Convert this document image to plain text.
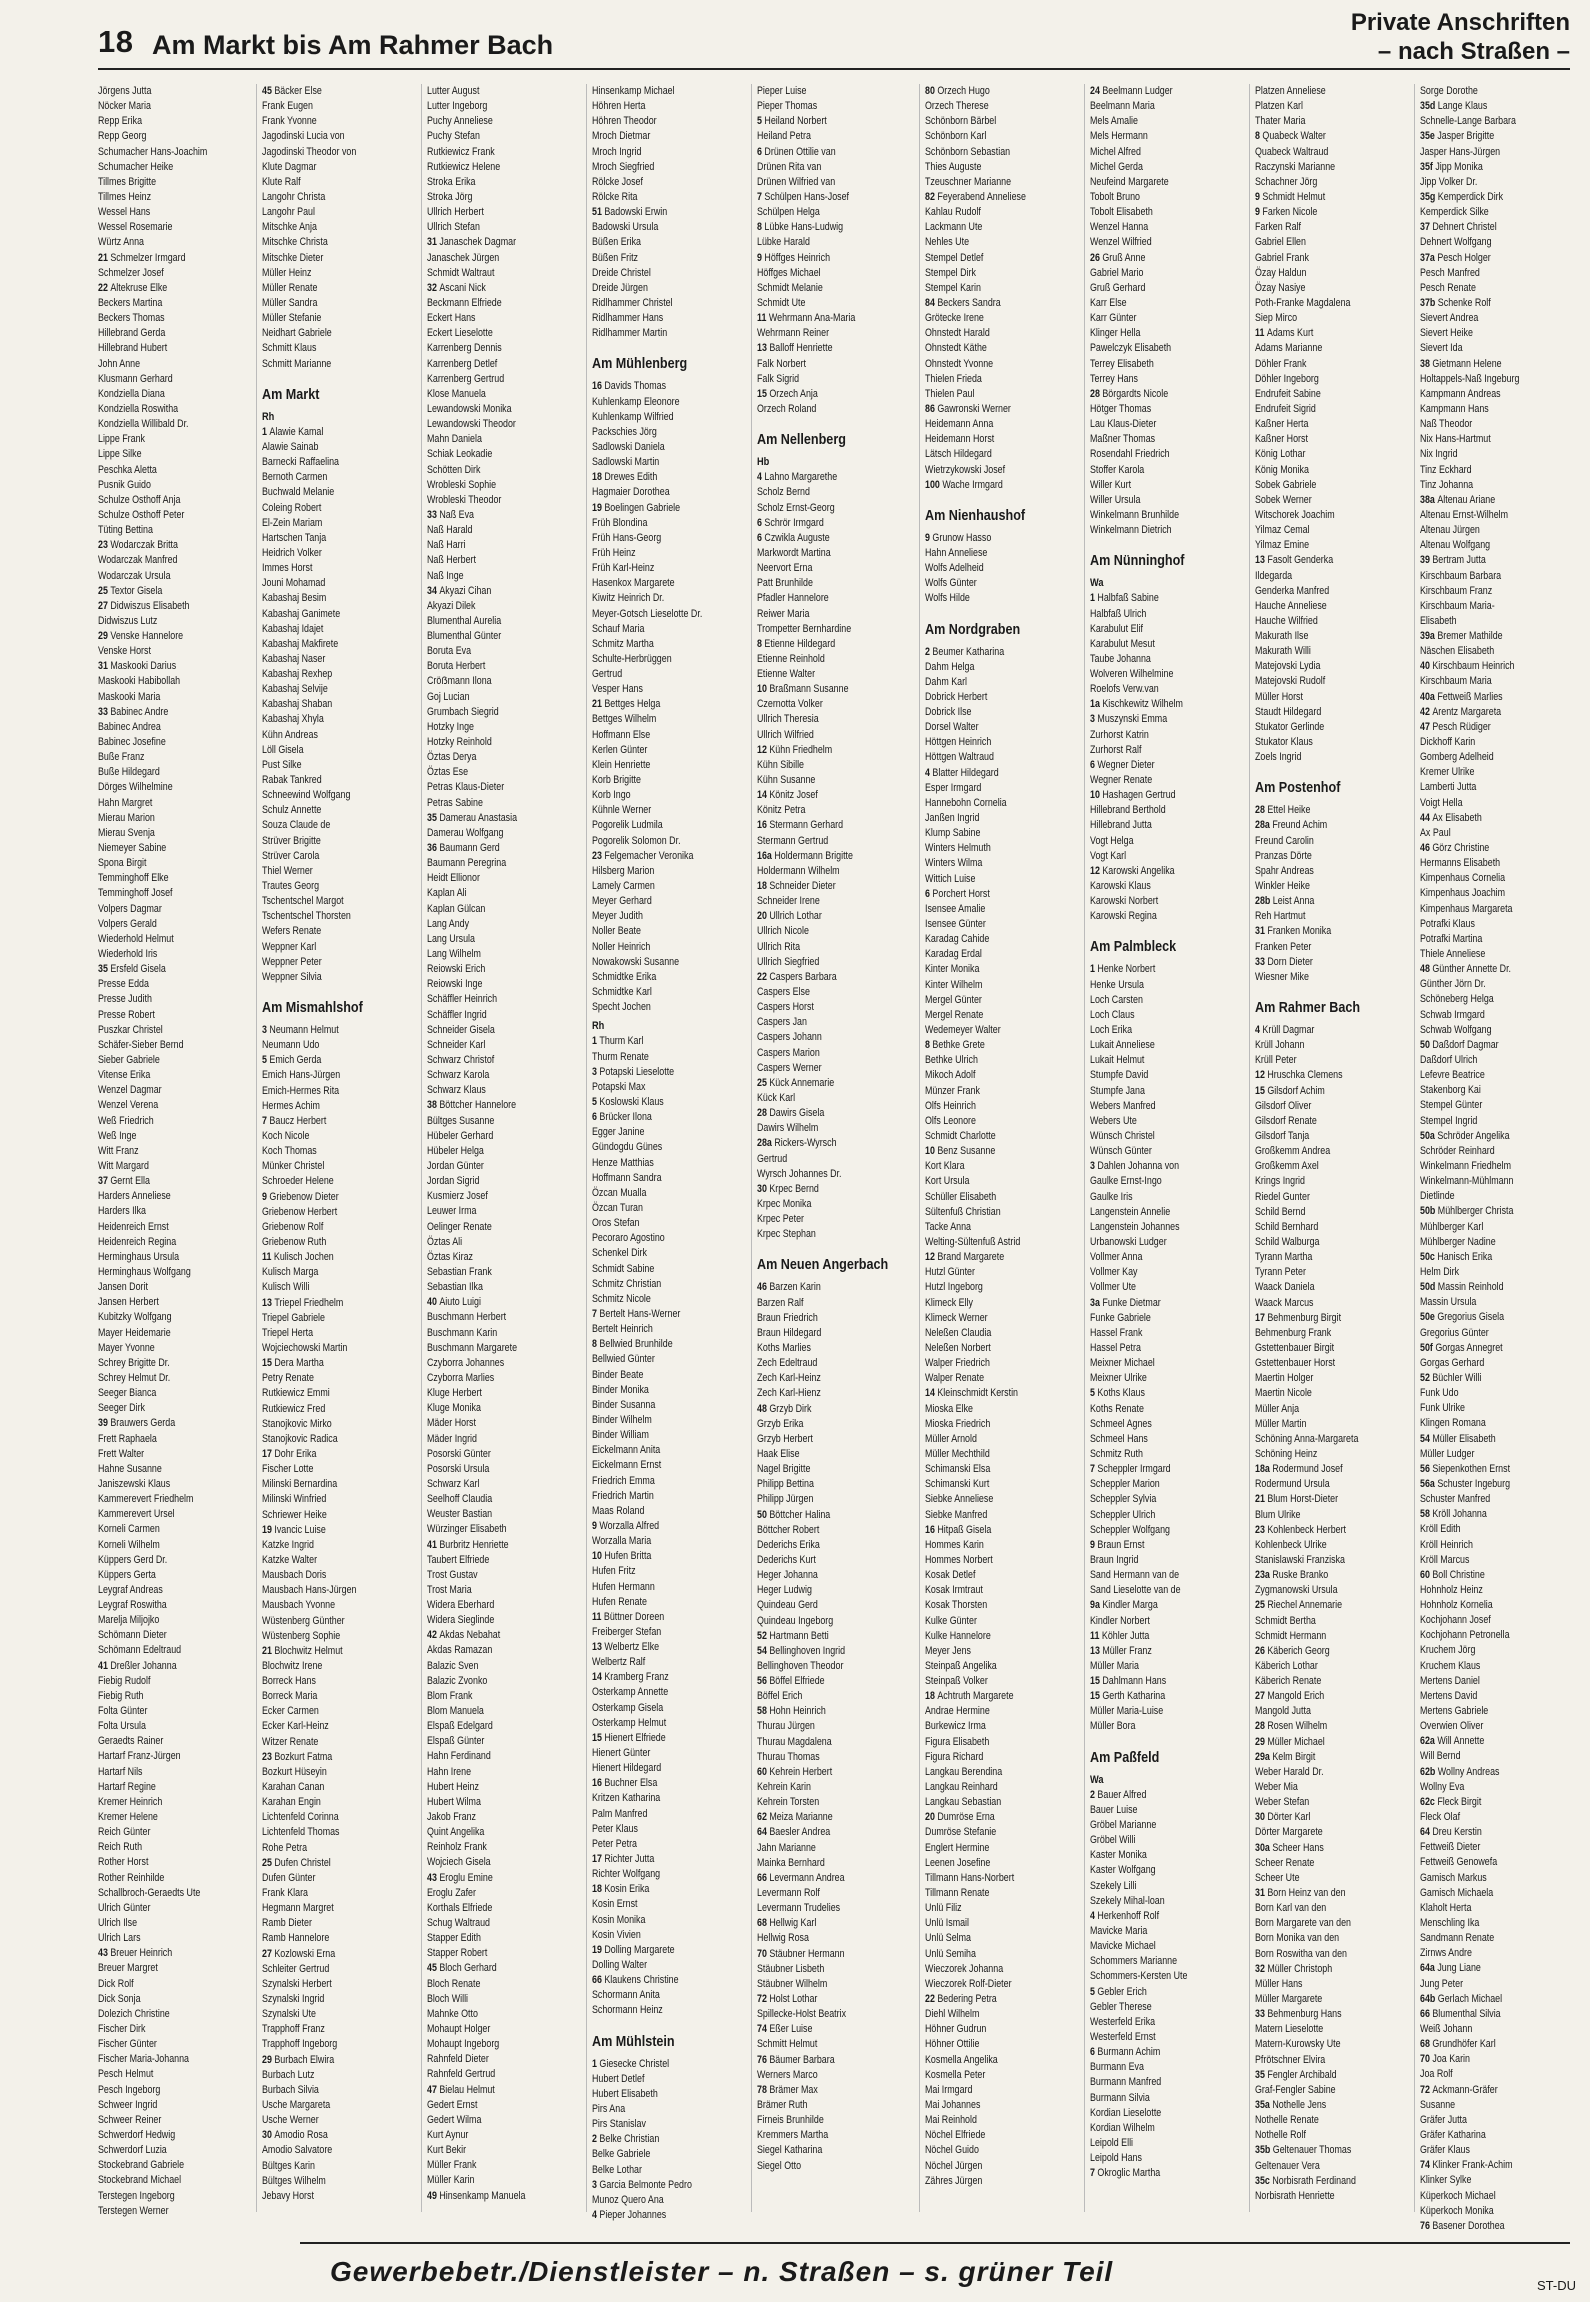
18 Am Markt bis Am Rahmer Bach
Private Anschriften
– nach Straßen –
Jörgens Jutta
Nöcker Maria
Repp Erika
Repp Georg
Schumacher Hans-Joachim
Schumacher Heike
Tillmes Brigitte
Tillmes Heinz
Wessel Hans
Wessel Rosemarie
Würtz Anna
21 Schmelzer Irmgard
Schmelzer Josef
22 Altekruse Elke
Beckers Martina
Beckers Thomas
Hillebrand Gerda
Hillebrand Hubert
John Anne
Klusmann Gerhard
Kondziella Diana
Kondziella Roswitha
Kondziella Willibald Dr.
Lippe Frank
Lippe Silke
Peschka Aletta
Pusnik Guido
Schulze Osthoff Anja
Schulze Osthoff Peter
Tüting Bettina
23 Wodarczak Britta
Wodarczak Manfred
Wodarczak Ursula
25 Textor Gisela
27 Didwiszus Elisabeth
Didwiszus Lutz
29 Venske Hannelore
Venske Horst
31 Maskooki Darius
Maskooki Habibollah
Maskooki Maria
33 Babinec Andre
Babinec Andrea
Babinec Josefine
Buße Franz
Buße Hildegard
Dörges Wilhelmine
Hahn Margret
Mierau Marion
Mierau Svenja
Niemeyer Sabine
Spona Birgit
Temminghoff Elke
Temminghoff Josef
Volpers Dagmar
Volpers Gerald
Wiederhold Helmut
Wiederhold Iris
35 Ersfeld Gisela
Presse Edda
Presse Judith
Presse Robert
Puszkar Christel
Schäfer-Sieber Bernd
Sieber Gabriele
Vitense Erika
Wenzel Dagmar
Wenzel Verena
Weß Friedrich
Weß Inge
Witt Franz
Witt Margard
37 Gernt Ella
Harders Anneliese
Harders Ilka
Heidenreich Ernst
Heidenreich Regina
Herminghaus Ursula
Herminghaus Wolfgang
Jansen Dorit
Jansen Herbert
Kubitzky Wolfgang
Mayer Heidemarie
Mayer Yvonne
Schrey Brigitte Dr.
Schrey Helmut Dr.
Seeger Bianca
Seeger Dirk
39 Brauwers Gerda
Frett Raphaela
Frett Walter
Hahne Susanne
Janiszewski Klaus
Kammerevert Friedhelm
Kammerevert Ursel
Korneli Carmen
Korneli Wilhelm
Küppers Gerd Dr.
Küppers Gerta
Leygraf Andreas
Leygraf Roswitha
Marelja Miljojko
Schömann Dieter
Schömann Edeltraud
41 Dreßler Johanna
Fiebig Rudolf
Fiebig Ruth
Folta Günter
Folta Ursula
Geraedts Rainer
Hartarf Franz-Jürgen
Hartarf Nils
Hartarf Regine
Kremer Heinrich
Kremer Helene
Reich Günter
Reich Ruth
Rother Horst
Rother Reinhilde
Schallbroch-Geraedts Ute
Ulrich Günter
Ulrich Ilse
Ulrich Lars
43 Breuer Heinrich
Breuer Margret
Dick Rolf
Dick Sonja
Dolezich Christine
Fischer Dirk
Fischer Günter
Fischer Maria-Johanna
Pesch Helmut
Pesch Ingeborg
Schweer Ingrid
Schweer Reiner
Schwerdorf Hedwig
Schwerdorf Luzia
Stockebrand Gabriele
Stockebrand Michael
Terstegen Ingeborg
Terstegen Werner
45 Bäcker Else
Frank Eugen
Frank Yvonne
Jagodinski Lucia von
Jagodinski Theodor von
Klute Dagmar
Klute Ralf
Langohr Christa
Langohr Paul
Mitschke Anja
Mitschke Christa
Mitschke Dieter
Müller Heinz
Müller Renate
Müller Sandra
Müller Stefanie
Neidhart Gabriele
Schmitt Klaus
Schmitt Marianne
Am Markt
Rh
1 Alawie Kamal
Alawie Sainab
Barnecki Raffaelina
Bernoth Carmen
Buchwald Melanie
Coleing Robert
El-Zein Mariam
Hartschen Tanja
Heidrich Volker
Immes Horst
Jouni Mohamad
Kabashaj Besim
Kabashaj Ganimete
Kabashaj Idajet
Kabashaj Makfirete
Kabashaj Naser
Kabashaj Rexhep
Kabashaj Selvije
Kabashaj Shaban
Kabashaj Xhyla
Kühn Andreas
Löll Gisela
Pust Silke
Rabak Tankred
Schneewind Wolfgang
Schulz Annette
Souza Claude de
Strüver Brigitte
Strüver Carola
Thiel Werner
Trautes Georg
Tschentschel Margot
Tschentschel Thorsten
Wefers Renate
Weppner Karl
Weppner Peter
Weppner Silvia
Am Mismahlshof
3 Neumann Helmut
Neumann Udo
5 Emich Gerda
Emich Hans-Jürgen
Emich-Hermes Rita
Hermes Achim
7 Baucz Herbert
Koch Nicole
Koch Thomas
Münker Christel
Schroeder Helene
9 Griebenow Dieter
Griebenow Herbert
Griebenow Rolf
Griebenow Ruth
11 Kulisch Jochen
Kulisch Marga
Kulisch Willi
13 Triepel Friedhelm
Triepel Gabriele
Triepel Herta
Wojciechowski Martin
15 Dera Martha
Petry Renate
Rutkiewicz Emmi
Rutkiewicz Fred
Stanojkovic Mirko
Stanojkovic Radica
17 Dohr Erika
Fischer Lotte
Milinski Bernardina
Milinski Winfried
Schriewer Heike
19 Ivancic Luise
Katzke Ingrid
Katzke Walter
Mausbach Doris
Mausbach Hans-Jürgen
Mausbach Yvonne
Wüstenberg Günther
Wüstenberg Sophie
21 Blochwitz Helmut
Blochwitz Irene
Borreck Hans
Borreck Maria
Ecker Carmen
Ecker Karl-Heinz
Witzer Renate
23 Bozkurt Fatma
Bozkurt Hüseyin
Karahan Canan
Karahan Engin
Lichtenfeld Corinna
Lichtenfeld Thomas
Rohe Petra
25 Dufen Christel
Dufen Günter
Frank Klara
Hegmann Margret
Ramb Dieter
Ramb Hannelore
27 Kozlowski Erna
Schleiter Gertrud
Szynalski Herbert
Szynalski Ingrid
Szynalski Ute
Trapphoff Franz
Trapphoff Ingeborg
29 Burbach Elwira
Burbach Lutz
Burbach Silvia
Usche Margareta
Usche Werner
30 Amodio Rosa
Amodio Salvatore
Bültges Karin
Bültges Wilhelm
Jebavy Horst
Lutter August
Lutter Ingeborg
Puchy Anneliese
Puchy Stefan
Rutkiewicz Frank
Rutkiewicz Helene
Stroka Erika
Stroka Jörg
Ullrich Herbert
Ullrich Stefan
31 Janaschek Dagmar
Janaschek Jürgen
Schmidt Waltraut
32 Ascani Nick
Beckmann Elfriede
Eckert Hans
Eckert Lieselotte
Karrenberg Dennis
Karrenberg Detlef
Karrenberg Gertrud
Klose Manuela
Lewandowski Monika
Lewandowski Theodor
Mahn Daniela
Schiak Leokadie
Schötten Dirk
Wrobleski Sophie
Wrobleski Theodor
33 Naß Eva
Naß Harald
Naß Harri
Naß Herbert
Naß Inge
34 Akyazi Cihan
Akyazi Dilek
Blumenthal Aurelia
Blumenthal Günter
Boruta Eva
Boruta Herbert
Cröẞmann Ilona
Goj Lucian
Grumbach Siegrid
Hotzky Inge
Hotzky Reinhold
Öztas Derya
Öztas Ese
Petras Klaus-Dieter
Petras Sabine
35 Damerau Anastasia
Damerau Wolfgang
36 Baumann Gerd
Baumann Peregrina
Heidt Ellionor
Kaplan Ali
Kaplan Gülcan
Lang Andy
Lang Ursula
Lang Wilhelm
Reiowski Erich
Reiowski Inge
Schäffler Heinrich
Schäffler Ingrid
Schneider Gisela
Schneider Karl
Schwarz Christof
Schwarz Karola
Schwarz Klaus
38 Böttcher Hannelore
Bültges Susanne
Hübeler Gerhard
Hübeler Helga
Jordan Günter
Jordan Sigrid
Kusmierz Josef
Leuwer Irma
Oelinger Renate
Öztas Ali
Öztas Kiraz
Sebastian Frank
Sebastian Ilka
40 Aiuto Luigi
Buschmann Herbert
Buschmann Karin
Buschmann Margarete
Czyborra Johannes
Czyborra Marlies
Kluge Herbert
Kluge Monika
Mäder Horst
Mäder Ingrid
Posorski Günter
Posorski Ursula
Schwarz Karl
Seelhoff Claudia
Weuster Bastian
Würzinger Elisabeth
41 Burbritz Henriette
Taubert Elfriede
Trost Gustav
Trost Maria
Widera Eberhard
Widera Sieglinde
42 Akdas Nebahat
Akdas Ramazan
Balazic Sven
Balazic Zvonko
Blom Frank
Blom Manuela
Elspaß Edelgard
Elspaß Günter
Hahn Ferdinand
Hahn Irene
Hubert Heinz
Hubert Wilma
Jakob Franz
Quint Angelika
Reinholz Frank
Wojciech Gisela
43 Eroglu Emine
Eroglu Zafer
Korthals Elfriede
Schug Waltraud
Stapper Edith
Stapper Robert
45 Bloch Gerhard
Bloch Renate
Bloch Willi
Mahnke Otto
Mohaupt Holger
Mohaupt Ingeborg
Rahnfeld Dieter
Rahnfeld Gertrud
47 Bielau Helmut
Gedert Ernst
Gedert Wilma
Kurt Aynur
Kurt Bekir
Müller Frank
Müller Karin
49 Hinsenkamp Manuela
Hinsenkamp Michael
Höhren Herta
Höhren Theodor
Mroch Dietmar
Mroch Ingrid
Mroch Siegfried
Rölcke Josef
Rölcke Rita
51 Badowski Erwin
Badowski Ursula
Büßen Erika
Büßen Fritz
Dreide Christel
Dreide Jürgen
Ridlhammer Christel
Ridlhammer Hans
Ridlhammer Martin
Am Mühlenberg
16 Davids Thomas
Kuhlenkamp Eleonore
Kuhlenkamp Wilfried
Packschies Jörg
Sadlowski Daniela
Sadlowski Martin
18 Drewes Edith
Hagmaier Dorothea
19 Boelingen Gabriele
Früh Blondina
Früh Hans-Georg
Früh Heinz
Früh Karl-Heinz
Hasenkox Margarete
Kiwitz Heinrich Dr.
Meyer-Gotsch Lieselotte Dr.
Schauf Maria
Schmitz Martha
Schulte-Herbrüggen
Gertrud
Vesper Hans
21 Bettges Helga
Bettges Wilhelm
Hoffmann Else
Kerlen Günter
Klein Henriette
Korb Brigitte
Korb Ingo
Kühnle Werner
Pogorelik Ludmila
Pogorelik Solomon Dr.
23 Felgemacher Veronika
Hilsberg Marion
Lamely Carmen
Meyer Gerhard
Meyer Judith
Noller Beate
Noller Heinrich
Nowakowski Susanne
Schmidtke Erika
Schmidtke Karl
Specht Jochen
Rh
1 Thurm Karl
Thurm Renate
3 Potapski Lieselotte
Potapski Max
5 Koslowski Klaus
6 Brücker Ilona
Egger Janine
Gündogdu Günes
Henze Matthias
Hoffmann Sandra
Özcan Mualla
Özcan Turan
Oros Stefan
Pecoraro Agostino
Schenkel Dirk
Schmidt Sabine
Schmitz Christian
Schmitz Nicole
7 Bertelt Hans-Werner
Bertelt Heinrich
8 Bellwied Brunhilde
Bellwied Günter
Binder Beate
Binder Monika
Binder Susanna
Binder Wilhelm
Binder William
Eickelmann Anita
Eickelmann Ernst
Friedrich Emma
Friedrich Martin
Maas Roland
9 Worzalla Alfred
Worzalla Maria
10 Hufen Britta
Hufen Fritz
Hufen Hermann
Hufen Renate
11 Büttner Doreen
Freiberger Stefan
13 Welbertz Elke
Welbertz Ralf
14 Kramberg Franz
Osterkamp Annette
Osterkamp Gisela
Osterkamp Helmut
15 Hienert Elfriede
Hienert Günter
Hienert Hildegard
16 Buchner Elsa
Kritzen Katharina
Palm Manfred
Peter Klaus
Peter Petra
17 Richter Jutta
Richter Wolfgang
18 Kosin Erika
Kosin Ernst
Kosin Monika
Kosin Vivien
19 Dolling Margarete
Dolling Walter
66 Klaukens Christine
Schormann Anita
Schormann Heinz
Am Mühlstein
1 Giesecke Christel
Hubert Detlef
Hubert Elisabeth
Pirs Ana
Pirs Stanislav
2 Belke Christian
Belke Gabriele
Belke Lothar
3 Garcia Belmonte Pedro
Munoz Quero Ana
4 Pieper Johannes
Pieper Luise
Pieper Thomas
5 Heiland Norbert
Heiland Petra
6 Drünen Ottilie van
Drünen Rita van
Drünen Wilfried van
7 Schülpen Hans-Josef
Schülpen Helga
8 Lübke Hans-Ludwig
Lübke Harald
9 Höffges Heinrich
Höffges Michael
Schmidt Melanie
Schmidt Ute
11 Wehrmann Ana-Maria
Wehrmann Reiner
13 Balloff Henriette
Falk Norbert
Falk Sigrid
15 Orzech Anja
Orzech Roland
Am Nellenberg
Hb
4 Lahno Margarethe
Scholz Bernd
Scholz Ernst-Georg
6 Schrör Irmgard
6 Czwikla Auguste
Markwordt Martina
Neervort Erna
Patt Brunhilde
Pfadler Hannelore
Reiwer Maria
Trompetter Bernhardine
8 Etienne Hildegard
Etienne Reinhold
Etienne Walter
10 Braßmann Susanne
Czernotta Volker
Ullrich Theresia
Ullrich Wilfried
12 Kühn Friedhelm
Kühn Sibille
Kühn Susanne
14 Könitz Josef
Könitz Petra
16 Stermann Gerhard
Stermann Gertrud
16a Holdermann Brigitte
Holdermann Wilhelm
18 Schneider Dieter
Schneider Irene
20 Ullrich Lothar
Ullrich Nicole
Ullrich Rita
Ullrich Siegfried
22 Caspers Barbara
Caspers Else
Caspers Horst
Caspers Jan
Caspers Johann
Caspers Marion
Caspers Werner
25 Kück Annemarie
Kück Karl
28 Dawirs Gisela
Dawirs Wilhelm
28a Rickers-Wyrsch
Gertrud
Wyrsch Johannes Dr.
30 Krpec Bernd
Krpec Monika
Krpec Peter
Krpec Stephan
Am Neuen Angerbach
46 Barzen Karin
Barzen Ralf
Braun Friedrich
Braun Hildegard
Koths Marlies
Zech Edeltraud
Zech Karl-Heinz
Zech Karl-Hienz
48 Grzyb Dirk
Grzyb Erika
Grzyb Herbert
Haak Elise
Nagel Brigitte
Philipp Bettina
Philipp Jürgen
50 Böttcher Halina
Böttcher Robert
Dederichs Erika
Dederichs Kurt
Heger Johanna
Heger Ludwig
Quindeau Gerd
Quindeau Ingeborg
52 Hartmann Betti
54 Bellinghoven Ingrid
Bellinghoven Theodor
56 Böffel Elfriede
Böffel Erich
58 Hohn Heinrich
Thurau Jürgen
Thurau Magdalena
Thurau Thomas
60 Kehrein Herbert
Kehrein Karin
Kehrein Torsten
62 Meiza Marianne
64 Baesler Andrea
Jahn Marianne
Mainka Bernhard
66 Levermann Andrea
Levermann Rolf
Levermann Trudelies
68 Hellwig Karl
Hellwig Rosa
70 Stäubner Hermann
Stäubner Lisbeth
Stäubner Wilhelm
72 Holst Lothar
Spillecke-Holst Beatrix
74 Eßer Luise
Schmitt Helmut
76 Bäumer Barbara
Werners Marco
78 Brämer Max
Brämer Ruth
Firneis Brunhilde
Kremmers Martha
Siegel Katharina
Siegel Otto
80 Orzech Hugo
Orzech Therese
Schönborn Bärbel
Schönborn Karl
Schönborn Sebastian
Thies Auguste
Tzeuschner Marianne
82 Feyerabend Anneliese
Kahlau Rudolf
Lackmann Ute
Nehles Ute
Stempel Detlef
Stempel Dirk
Stempel Karin
84 Beckers Sandra
Grötecke Irene
Ohnstedt Harald
Ohnstedt Käthe
Ohnstedt Yvonne
Thielen Frieda
Thielen Paul
86 Gawronski Werner
Heidemann Anna
Heidemann Horst
Lätsch Hildegard
Wietrzykowski Josef
100 Wache Irmgard
Am Nienhaushof
9 Grunow Hasso
Hahn Anneliese
Wolfs Adelheid
Wolfs Günter
Wolfs Hilde
Am Nordgraben
2 Beumer Katharina
Dahm Helga
Dahm Karl
Dobrick Herbert
Dobrick Ilse
Dorsel Walter
Höttgen Heinrich
Höttgen Waltraud
4 Blatter Hildegard
Esper Irmgard
Hannebohn Cornelia
Janßen Ingrid
Klump Sabine
Winters Helmuth
Winters Wilma
Wittich Luise
6 Porchert Horst
Isensee Amalie
Isensee Günter
Karadag Cahide
Karadag Erdal
Kinter Monika
Kinter Wilhelm
Mergel Günter
Mergel Renate
Wedemeyer Walter
8 Bethke Grete
Bethke Ulrich
Mikoch Adolf
Münzer Frank
Olfs Heinrich
Olfs Leonore
Schmidt Charlotte
10 Benz Susanne
Kort Klara
Kort Ursula
Schüller Elisabeth
Sültenfuß Christian
Tacke Anna
Welting-Sültenfuß Astrid
12 Brand Margarete
Hutzl Günter
Hutzl Ingeborg
Klimeck Elly
Klimeck Werner
Neleßen Claudia
Neleßen Norbert
Walper Friedrich
Walper Renate
14 Kleinschmidt Kerstin
Mioska Elke
Mioska Friedrich
Müller Arnold
Müller Mechthild
Schimanski Elsa
Schimanski Kurt
Siebke Anneliese
Siebke Manfred
16 Hitpaß Gisela
Hommes Karin
Hommes Norbert
Kosak Detlef
Kosak Irmtraut
Kosak Thorsten
Kulke Günter
Kulke Hannelore
Meyer Jens
Steinpaß Angelika
Steinpaß Volker
18 Achtruth Margarete
Andrae Hermine
Burkewicz Irma
Figura Elisabeth
Figura Richard
Langkau Berendina
Langkau Reinhard
Langkau Sebastian
20 Dumröse Erna
Dumröse Stefanie
Englert Hermine
Leenen Josefine
Tillmann Hans-Norbert
Tillmann Renate
Unlü Filiz
Unlü Ismail
Unlü Selma
Unlü Semiha
Wieczorek Johanna
Wieczorek Rolf-Dieter
22 Bedering Petra
Diehl Wilhelm
Höhner Gudrun
Höhner Ottilie
Kosmella Angelika
Kosmella Peter
Mai Irmgard
Mai Johannes
Mai Reinhold
Nöchel Elfriede
Nöchel Guido
Nöchel Jürgen
Zähres Jürgen
24 Beelmann Ludger
Beelmann Maria
Mels Amalie
Mels Hermann
Michel Alfred
Michel Gerda
Neufeind Margarete
Tobolt Bruno
Tobolt Elisabeth
Wenzel Hanna
Wenzel Wilfried
26 Gruß Anne
Gabriel Mario
Gruß Gerhard
Karr Else
Karr Günter
Klinger Hella
Pawelczyk Elisabeth
Terrey Elisabeth
Terrey Hans
28 Börgardts Nicole
Hötger Thomas
Lau Klaus-Dieter
Maßner Thomas
Rosendahl Friedrich
Stoffer Karola
Willer Kurt
Willer Ursula
Winkelmann Brunhilde
Winkelmann Dietrich
Am Nünninghof
Wa
1 Halbfaß Sabine
Halbfaß Ulrich
Karabulut Elif
Karabulut Mesut
Taube Johanna
Wolveren Wilhelmine
Roelofs Verw.van
1a Kischkewitz Wilhelm
3 Muszynski Emma
Zurhorst Katrin
Zurhorst Ralf
6 Wegner Dieter
Wegner Renate
10 Hashagen Gertrud
Hillebrand Berthold
Hillebrand Jutta
Vogt Helga
Vogt Karl
12 Karowski Angelika
Karowski Klaus
Karowski Norbert
Karowski Regina
Am Palmbleck
1 Henke Norbert
Henke Ursula
Loch Carsten
Loch Claus
Loch Erika
Lukait Anneliese
Lukait Helmut
Stumpfe David
Stumpfe Jana
Webers Manfred
Webers Ute
Wünsch Christel
Wünsch Günter
3 Dahlen Johanna von
Gaulke Ernst-Ingo
Gaulke Iris
Langenstein Annelie
Langenstein Johannes
Urbanowski Ludger
Vollmer Anna
Vollmer Kay
Vollmer Ute
3a Funke Dietmar
Funke Gabriele
Hassel Frank
Hassel Petra
Meixner Michael
Meixner Ulrike
5 Koths Klaus
Koths Renate
Schmeel Agnes
Schmeel Hans
Schmitz Ruth
7 Scheppler Irmgard
Scheppler Marion
Scheppler Sylvia
Scheppler Ulrich
Scheppler Wolfgang
9 Braun Ernst
Braun Ingrid
Sand Hermann van de
Sand Lieselotte van de
9a Kindler Marga
Kindler Norbert
11 Köhler Jutta
13 Müller Franz
Müller Maria
15 Dahlmann Hans
15 Gerth Katharina
Müller Maria-Luise
Müller Bora
Am Paßfeld
Wa
2 Bauer Alfred
Bauer Luise
Gröbel Marianne
Gröbel Willi
Kaster Monika
Kaster Wolfgang
Szekely Lilli
Szekely Mihal-loan
4 Herkenhoff Rolf
Mavicke Maria
Mavicke Michael
Schommers Marianne
Schommers-Kersten Ute
5 Gebler Erich
Gebler Therese
Westerfeld Erika
Westerfeld Ernst
6 Burmann Achim
Burmann Eva
Burmann Manfred
Burmann Silvia
Kordian Lieselotte
Kordian Wilhelm
Leipold Elli
Leipold Hans
7 Okroglic Martha
Platzen Anneliese
Platzen Karl
Thater Maria
8 Quabeck Walter
Quabeck Waltraud
Raczynski Marianne
Schachner Jörg
9 Schmidt Helmut
9 Farken Nicole
Farken Ralf
Gabriel Ellen
Gabriel Frank
Özay Haldun
Özay Nasiye
Poth-Franke Magdalena
Siep Mirco
11 Adams Kurt
Adams Marianne
Döhler Frank
Döhler Ingeborg
Endrufeit Sabine
Endrufeit Sigrid
Kaßner Herta
Kaßner Horst
König Lothar
König Monika
Sobek Gabriele
Sobek Werner
Witschorek Joachim
Yilmaz Cemal
Yilmaz Emine
13 Fasolt Genderka
Ildegarda
Genderka Manfred
Hauche Anneliese
Hauche Wilfried
Makurath Ilse
Makurath Willi
Matejovski Lydia
Matejovski Rudolf
Müller Horst
Staudt Hildegard
Stukator Gerlinde
Stukator Klaus
Zoels Ingrid
Am Postenhof
28 Ettel Heike
28a Freund Achim
Freund Carolin
Pranzas Dörte
Spahr Andreas
Winkler Heike
28b Leist Anna
Reh Hartmut
31 Franken Monika
Franken Peter
33 Dorn Dieter
Wiesner Mike
Am Rahmer Bach
4 Krüll Dagmar
Krüll Johann
Krüll Peter
12 Hruschka Clemens
15 Gilsdorf Achim
Gilsdorf Oliver
Gilsdorf Renate
Gilsdorf Tanja
Großkemm Andrea
Großkemm Axel
Krings Ingrid
Riedel Gunter
Schild Bernd
Schild Bernhard
Schild Walburga
Tyrann Martha
Tyrann Peter
Waack Daniela
Waack Marcus
17 Behmenburg Birgit
Behmenburg Frank
Gstettenbauer Birgit
Gstettenbauer Horst
Maertin Holger
Maertin Nicole
Müller Anja
Müller Martin
Schöning Anna-Margareta
Schöning Heinz
18a Rodermund Josef
Rodermund Ursula
21 Blum Horst-Dieter
Blum Ulrike
23 Kohlenbeck Herbert
Kohlenbeck Ulrike
Stanislawski Franziska
23a Ruske Branko
Zygmanowski Ursula
25 Riechel Annemarie
Schmidt Bertha
Schmidt Hermann
26 Käberich Georg
Käberich Lothar
Käberich Renate
27 Mangold Erich
Mangold Jutta
28 Rosen Wilhelm
29 Müller Michael
29a Kelm Birgit
Weber Harald Dr.
Weber Mia
Weber Stefan
30 Dörter Karl
Dörter Margarete
30a Scheer Hans
Scheer Renate
Scheer Ute
31 Born Heinz van den
Born Karl van den
Born Margarete van den
Born Monika van den
Born Roswitha van den
32 Müller Christoph
Müller Hans
Müller Margarete
33 Behmenburg Hans
Matern Lieselotte
Matern-Kurowsky Ute
Pfrötschner Elvira
35 Fengler Archibald
Graf-Fengler Sabine
35a Nothelle Jens
Nothelle Renate
Nothelle Rolf
35b Geltenauer Thomas
Geltenauer Vera
35c Norbisrath Ferdinand
Norbisrath Henriette
Sorge Dorothe
35d Lange Klaus
Schnelle-Lange Barbara
35e Jasper Brigitte
Jasper Hans-Jürgen
35f Jipp Monika
Jipp Volker Dr.
35g Kemperdick Dirk
Kemperdick Silke
37 Dehnert Christel
Dehnert Wolfgang
37a Pesch Holger
Pesch Manfred
Pesch Renate
37b Schenke Rolf
Sievert Andrea
Sievert Heike
Sievert Ida
38 Gietmann Helene
Holtappels-Naß Ingeburg
Kampmann Andreas
Kampmann Hans
Naß Theodor
Nix Hans-Hartmut
Nix Ingrid
Tinz Eckhard
Tinz Johanna
38a Altenau Ariane
Altenau Ernst-Wilhelm
Altenau Jürgen
Altenau Wolfgang
39 Bertram Jutta
Kirschbaum Barbara
Kirschbaum Franz
Kirschbaum Maria-
Elisabeth
39a Bremer Mathilde
Näschen Elisabeth
40 Kirschbaum Heinrich
Kirschbaum Maria
40a Fettweiß Marlies
42 Arentz Margareta
47 Pesch Rüdiger
Dickhoff Karin
Gomberg Adelheid
Kremer Ulrike
Lamberti Jutta
Voigt Hella
44 Ax Elisabeth
Ax Paul
46 Görz Christine
Hermanns Elisabeth
Kimpenhaus Cornelia
Kimpenhaus Joachim
Kimpenhaus Margareta
Potrafki Klaus
Potrafki Martina
Thiele Anneliese
48 Günther Annette Dr.
Günther Jörn Dr.
Schöneberg Helga
Schwab Irmgard
Schwab Wolfgang
50 Daßdorf Dagmar
Daßdorf Ulrich
Lefevre Beatrice
Stakenborg Kai
Stempel Günter
Stempel Ingrid
50a Schröder Angelika
Schröder Reinhard
Winkelmann Friedhelm
Winkelmann-Mühlmann
Dietlinde
50b Mühlberger Christa
Mühlberger Karl
Mühlberger Nadine
50c Hanisch Erika
Helm Dirk
50d Massin Reinhold
Massin Ursula
50e Gregorius Gisela
Gregorius Günter
50f Gorgas Annegret
Gorgas Gerhard
52 Büchler Willi
Funk Udo
Funk Ulrike
Klingen Romana
54 Müller Elisabeth
Müller Ludger
56 Siepenkothen Ernst
56a Schuster Ingeburg
Schuster Manfred
58 Kröll Johanna
Kröll Edith
Kröll Heinrich
Kröll Marcus
60 Boll Christine
Hohnholz Heinz
Hohnholz Kornelia
Kochjohann Josef
Kochjohann Petronella
Kruchem Jörg
Kruchem Klaus
Mertens Daniel
Mertens David
Mertens Gabriele
Overwien Oliver
62a Will Annette
Will Bernd
62b Wollny Andreas
Wollny Eva
62c Fleck Birgit
Fleck Olaf
64 Dreu Kerstin
Fettweiß Dieter
Fettweiß Genowefa
Gamisch Markus
Gamisch Michaela
Klaholt Herta
Menschling Ika
Sandmann Renate
Zirnws Andre
64a Jung Liane
Jung Peter
64b Gerlach Michael
66 Blumenthal Silvia
Weiß Johann
68 Grundhöfer Karl
70 Joa Karin
Joa Rolf
72 Ackmann-Gräfer
Susanne
Gräfer Jutta
Gräfer Katharina
Gräfer Klaus
74 Klinker Frank-Achim
Klinker Sylke
Küperkoch Michael
Küperkoch Monika
76 Basener Dorothea
Gewerbebetr./Dienstleister – n. Straßen – s. grüner Teil	ST-DU
